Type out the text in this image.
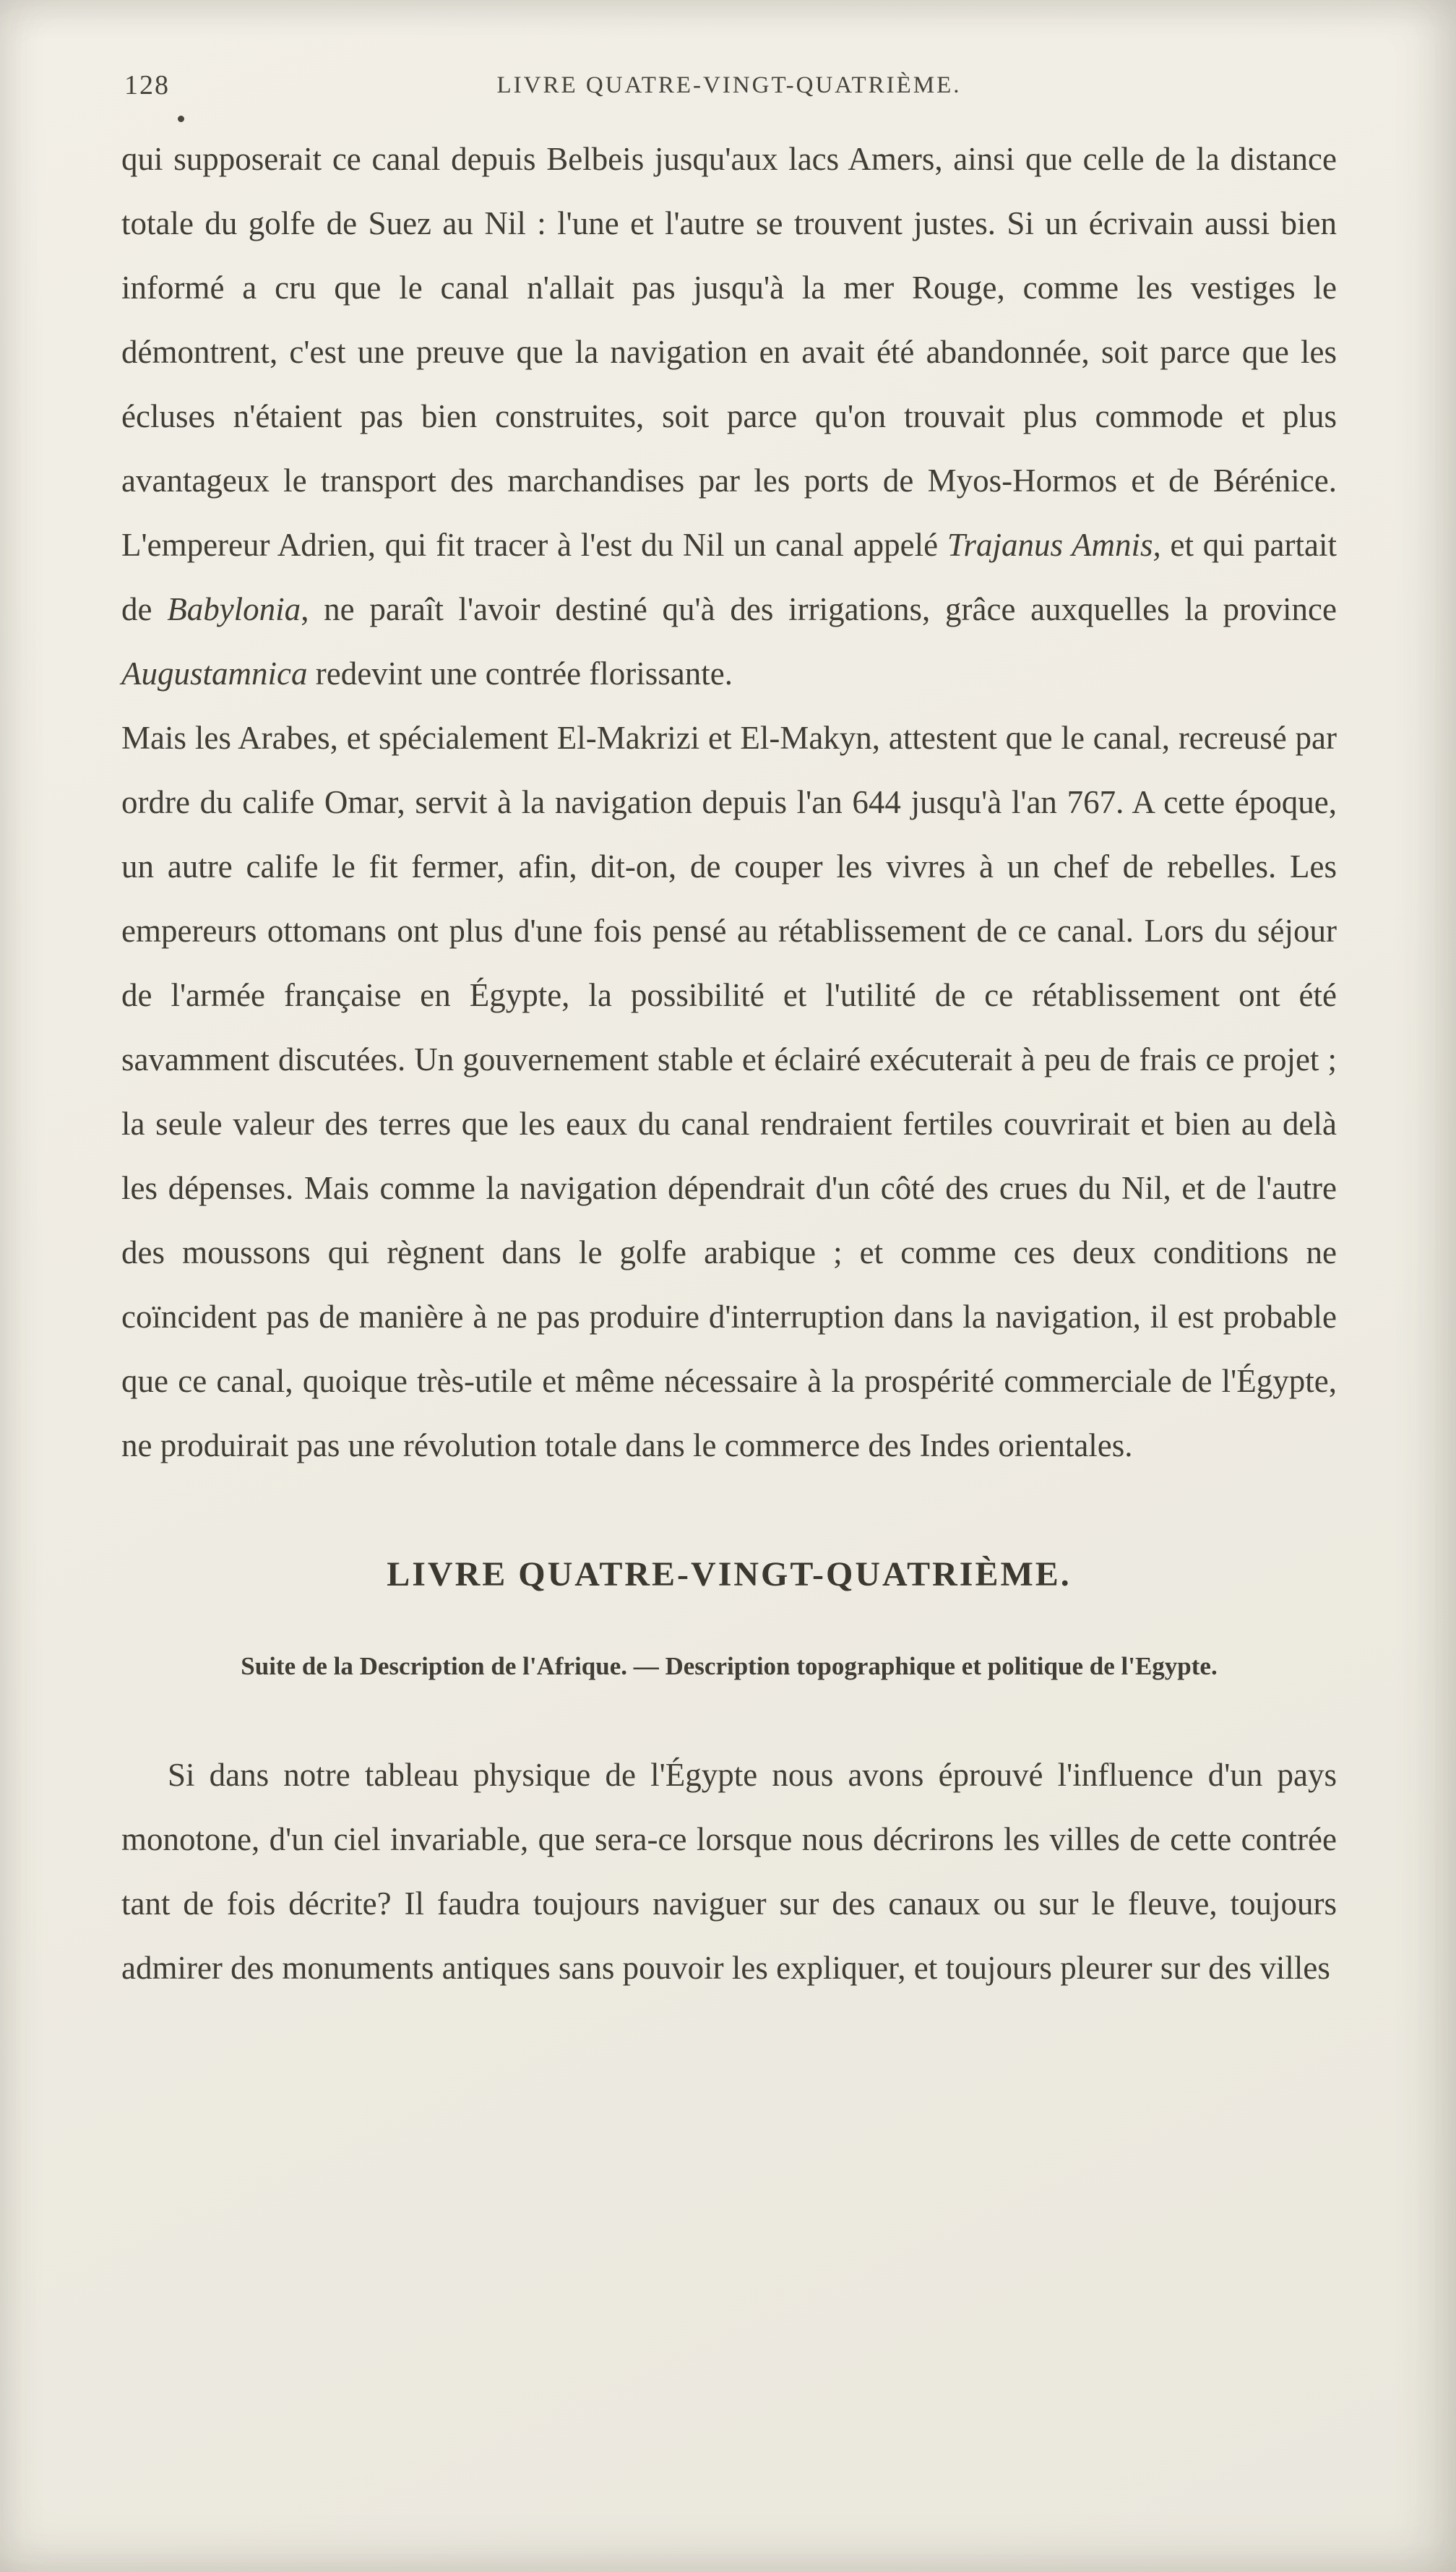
128	LIVRE QUATRE-VINGT-QUATRIÈME.

qui supposerait ce canal depuis Belbeis jusqu'aux lacs Amers, ainsi que celle de la distance totale du golfe de Suez au Nil : l'une et l'autre se trouvent justes. Si un écrivain aussi bien informé a cru que le canal n'allait pas jusqu'à la mer Rouge, comme les vestiges le démontrent, c'est une preuve que la navigation en avait été abandonnée, soit parce que les écluses n'étaient pas bien construites, soit parce qu'on trouvait plus commode et plus avantageux le transport des marchandises par les ports de Myos-Hormos et de Bérénice. L'empereur Adrien, qui fit tracer à l'est du Nil un canal appelé Trajanus Amnis, et qui partait de Babylonia, ne paraît l'avoir destiné qu'à des irrigations, grâce auxquelles la province Augustamnica redevint une contrée florissante.

Mais les Arabes, et spécialement El-Makrizi et El-Makyn, attestent que le canal, recreusé par ordre du calife Omar, servit à la navigation depuis l'an 644 jusqu'à l'an 767. A cette époque, un autre calife le fit fermer, afin, dit-on, de couper les vivres à un chef de rebelles. Les empereurs ottomans ont plus d'une fois pensé au rétablissement de ce canal. Lors du séjour de l'armée française en Égypte, la possibilité et l'utilité de ce rétablissement ont été savamment discutées. Un gouvernement stable et éclairé exécuterait à peu de frais ce projet ; la seule valeur des terres que les eaux du canal rendraient fertiles couvrirait et bien au delà les dépenses. Mais comme la navigation dépendrait d'un côté des crues du Nil, et de l'autre des moussons qui règnent dans le golfe arabique ; et comme ces deux conditions ne coïncident pas de manière à ne pas produire d'interruption dans la navigation, il est probable que ce canal, quoique très-utile et même nécessaire à la prospérité commerciale de l'Égypte, ne produirait pas une révolution totale dans le commerce des Indes orientales.

LIVRE QUATRE-VINGT-QUATRIÈME.

Suite de la Description de l'Afrique. — Description topographique et politique de l'Egypte.

Si dans notre tableau physique de l'Égypte nous avons éprouvé l'influence d'un pays monotone, d'un ciel invariable, que sera-ce lorsque nous décrirons les villes de cette contrée tant de fois décrite? Il faudra toujours naviguer sur des canaux ou sur le fleuve, toujours admirer des monuments antiques sans pouvoir les expliquer, et toujours pleurer sur des villes
